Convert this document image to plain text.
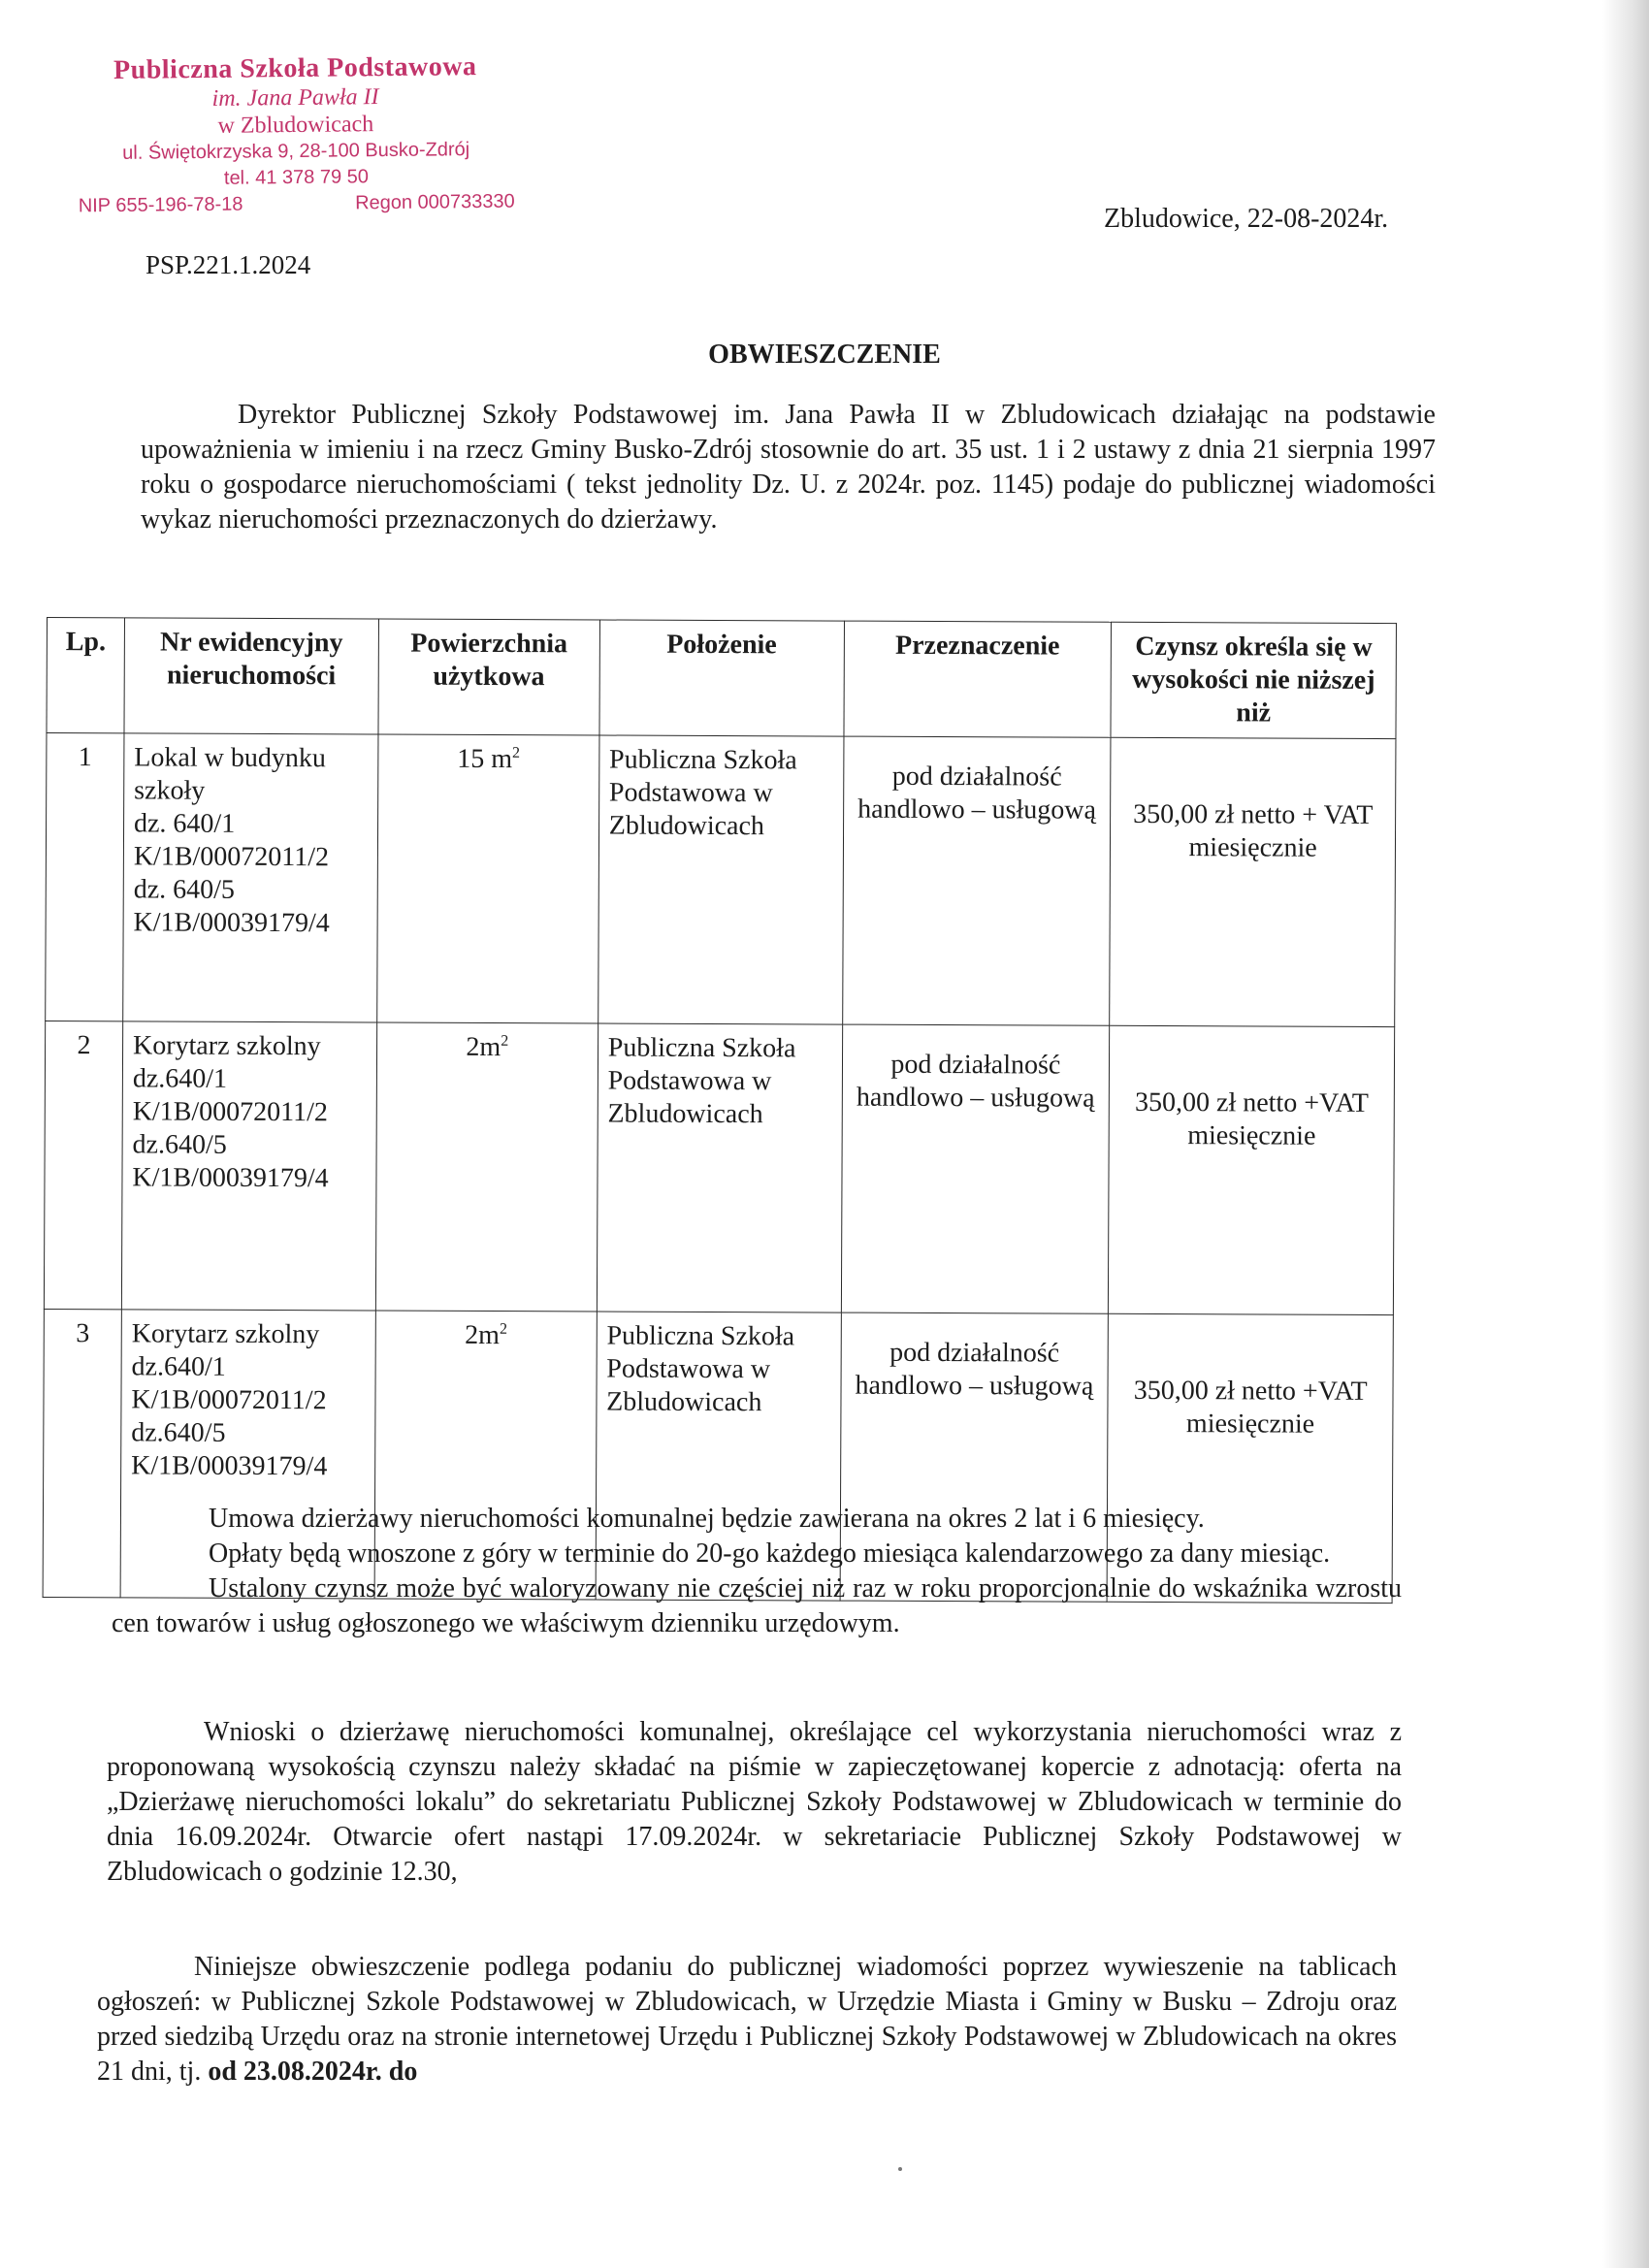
Publiczna Szkoła Podstawowa
im. Jana Pawła II
w Zbludowicach
ul. Świętokrzyska 9, 28-100 Busko-Zdrój
tel. 41 378 79 50
NIP 655-196-78-18	Regon 000733330
PSP.221.1.2024
Zbludowice, 22-08-2024r.
OBWIESZCZENIE
Dyrektor Publicznej Szkoły Podstawowej im. Jana Pawła II w Zbludowicach działając na podstawie upoważnienia w imieniu i na rzecz Gminy Busko-Zdrój stosownie do art. 35 ust. 1 i 2 ustawy z dnia 21 sierpnia 1997 roku o gospodarce nieruchomościami ( tekst jednolity Dz. U. z 2024r. poz. 1145) podaje do publicznej wiadomości wykaz nieruchomości przeznaczonych do dzierżawy.
Lp.	Nr ewidencyjny nieruchomości	Powierzchnia użytkowa	Położenie	Przeznaczenie	Czynsz określa się w wysokości nie niższej niż
1	Lokal w budynku szkoły
dz. 640/1
K/1B/00072011/2
dz. 640/5
K/1B/00039179/4	15 $m^2$	Publiczna Szkoła Podstawowa w Zbludowicach	pod działalność handlowo – usługową	350,00 zł netto + VAT miesięcznie
2	Korytarz szkolny
dz.640/1
K/1B/00072011/2
dz.640/5
K/1B/00039179/4	$2m^2$	Publiczna Szkoła Podstawowa w Zbludowicach	pod działalność handlowo – usługową	350,00 zł netto +VAT miesięcznie
3	Korytarz szkolny
dz.640/1
K/1B/00072011/2
dz.640/5
K/1B/00039179/4	$2m^2$	Publiczna Szkoła Podstawowa w Zbludowicach	pod działalność handlowo – usługową	350,00 zł netto +VAT miesięcznie
Umowa dzierżawy nieruchomości komunalnej będzie zawierana na okres 2 lat i 6 miesięcy.
Opłaty będą wnoszone z góry w terminie do 20-go każdego miesiąca kalendarzowego za dany miesiąc.
Ustalony czynsz może być waloryzowany nie częściej niż raz w roku proporcjonalnie do wskaźnika wzrostu cen towarów i usług ogłoszonego we właściwym dzienniku urzędowym.
Wnioski o dzierżawę nieruchomości komunalnej, określające cel wykorzystania nieruchomości wraz z proponowaną wysokością czynszu należy składać na piśmie w zapieczętowanej kopercie z adnotacją: oferta na „Dzierżawę nieruchomości lokalu” do sekretariatu Publicznej Szkoły Podstawowej w Zbludowicach w terminie do dnia 16.09.2024r. Otwarcie ofert nastąpi 17.09.2024r. w sekretariacie Publicznej Szkoły Podstawowej w Zbludowicach o godzinie 12.30,
Niniejsze obwieszczenie podlega podaniu do publicznej wiadomości poprzez wywieszenie na tablicach ogłoszeń: w Publicznej Szkole Podstawowej w Zbludowicach, w Urzędzie Miasta i Gminy w Busku – Zdroju oraz przed siedzibą Urzędu oraz na stronie internetowej Urzędu i Publicznej Szkoły Podstawowej w Zbludowicach na okres 21 dni, tj. od 23.08.2024r. do
